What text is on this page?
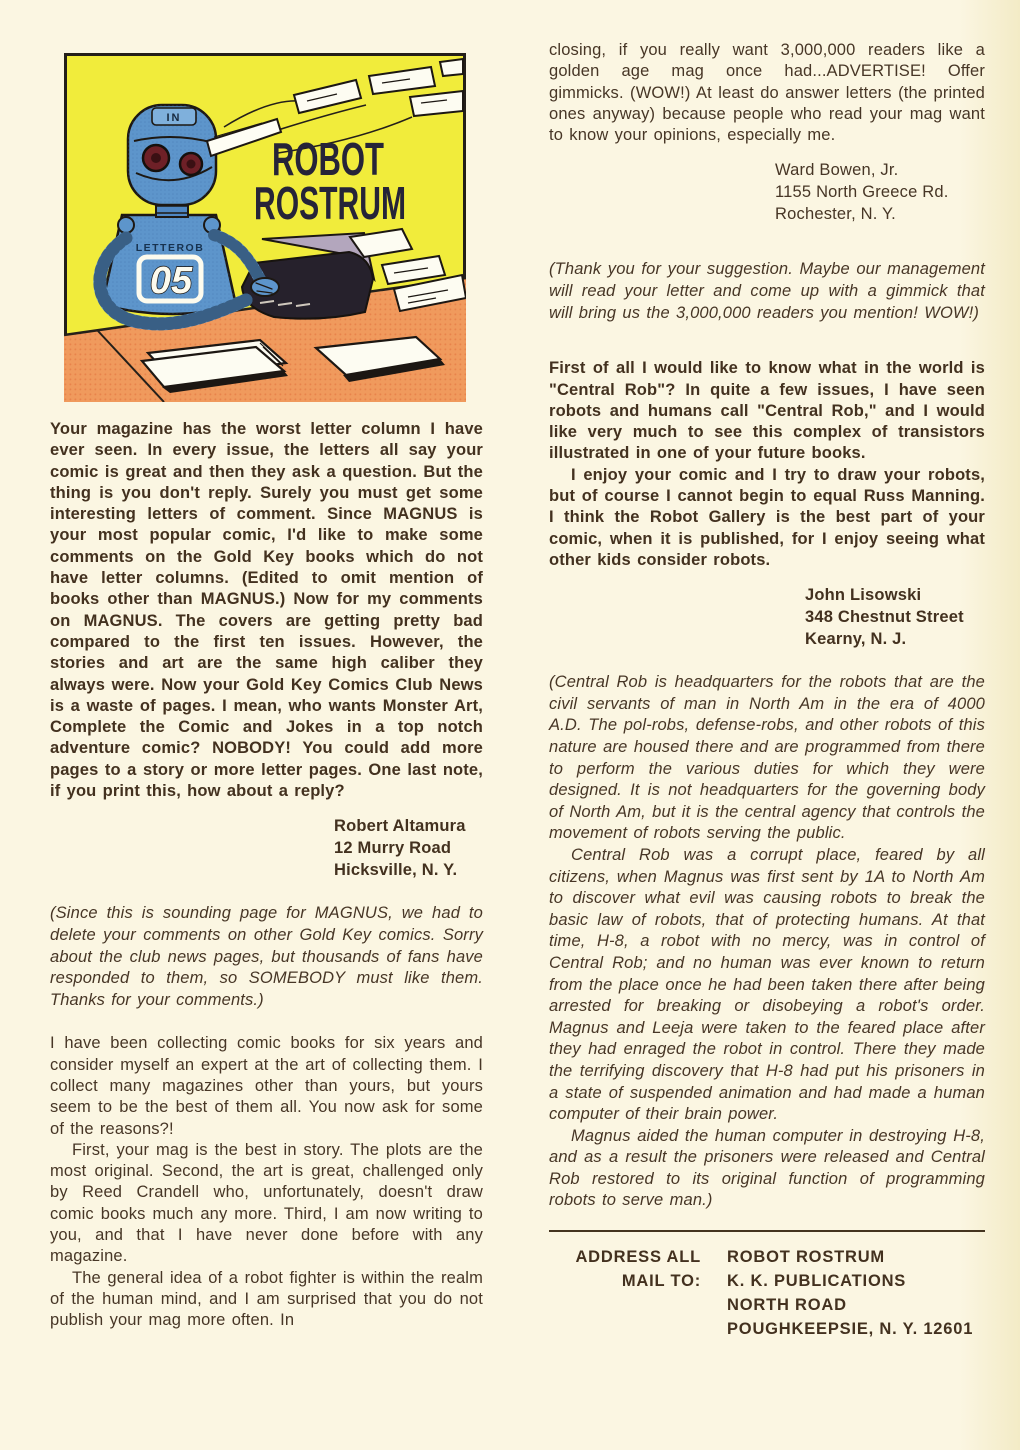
ROBOT
ROSTRUM
IN
LETTEROB
05

Your magazine has the worst letter column I have ever seen. In every issue, the letters all say your comic is great and then they ask a question. But the thing is you don't reply. Surely you must get some interesting letters of comment. Since MAGNUS is your most popular comic, I'd like to make some comments on the Gold Key books which do not have letter columns. (Edited to omit mention of books other than MAGNUS.) Now for my comments on MAGNUS. The covers are getting pretty bad compared to the first ten issues. However, the stories and art are the same high caliber they always were. Now your Gold Key Comics Club News is a waste of pages. I mean, who wants Monster Art, Complete the Comic and Jokes in a top notch adventure comic? NOBODY! You could add more pages to a story or more letter pages. One last note, if you print this, how about a reply?

Robert Altamura
12 Murry Road
Hicksville, N. Y.

(Since this is sounding page for MAGNUS, we had to delete your comments on other Gold Key comics. Sorry about the club news pages, but thousands of fans have responded to them, so SOMEBODY must like them. Thanks for your comments.)

I have been collecting comic books for six years and consider myself an expert at the art of collecting them. I collect many magazines other than yours, but yours seem to be the best of them all. You now ask for some of the reasons?!

First, your mag is the best in story. The plots are the most original. Second, the art is great, challenged only by Reed Crandell who, unfortunately, doesn't draw comic books much any more. Third, I am now writing to you, and that I have never done before with any magazine.

The general idea of a robot fighter is within the realm of the human mind, and I am surprised that you do not publish your mag more often. In

closing, if you really want 3,000,000 readers like a golden age mag once had...ADVERTISE! Offer gimmicks. (WOW!) At least do answer letters (the printed ones anyway) because people who read your mag want to know your opinions, especially me.

Ward Bowen, Jr.
1155 North Greece Rd.
Rochester, N. Y.

(Thank you for your suggestion. Maybe our management will read your letter and come up with a gimmick that will bring us the 3,000,000 readers you mention! WOW!)

First of all I would like to know what in the world is "Central Rob"? In quite a few issues, I have seen robots and humans call "Central Rob," and I would like very much to see this complex of transistors illustrated in one of your future books.

I enjoy your comic and I try to draw your robots, but of course I cannot begin to equal Russ Manning. I think the Robot Gallery is the best part of your comic, when it is published, for I enjoy seeing what other kids consider robots.

John Lisowski
348 Chestnut Street
Kearny, N. J.

(Central Rob is headquarters for the robots that are the civil servants of man in North Am in the era of 4000 A.D. The pol-robs, defense-robs, and other robots of this nature are housed there and are programmed from there to perform the various duties for which they were designed. It is not headquarters for the governing body of North Am, but it is the central agency that controls the movement of robots serving the public.

Central Rob was a corrupt place, feared by all citizens, when Magnus was first sent by 1A to North Am to discover what evil was causing robots to break the basic law of robots, that of protecting humans. At that time, H-8, a robot with no mercy, was in control of Central Rob; and no human was ever known to return from the place once he had been taken there after being arrested for breaking or disobeying a robot's order. Magnus and Leeja were taken to the feared place after they had enraged the robot in control. There they made the terrifying discovery that H-8 had put his prisoners in a state of suspended animation and had made a human computer of their brain power.

Magnus aided the human computer in destroying H-8, and as a result the prisoners were released and Central Rob restored to its original function of programming robots to serve man.)

ADDRESS ALL
MAIL TO:
ROBOT ROSTRUM
K. K. PUBLICATIONS
NORTH ROAD
POUGHKEEPSIE, N. Y. 12601
